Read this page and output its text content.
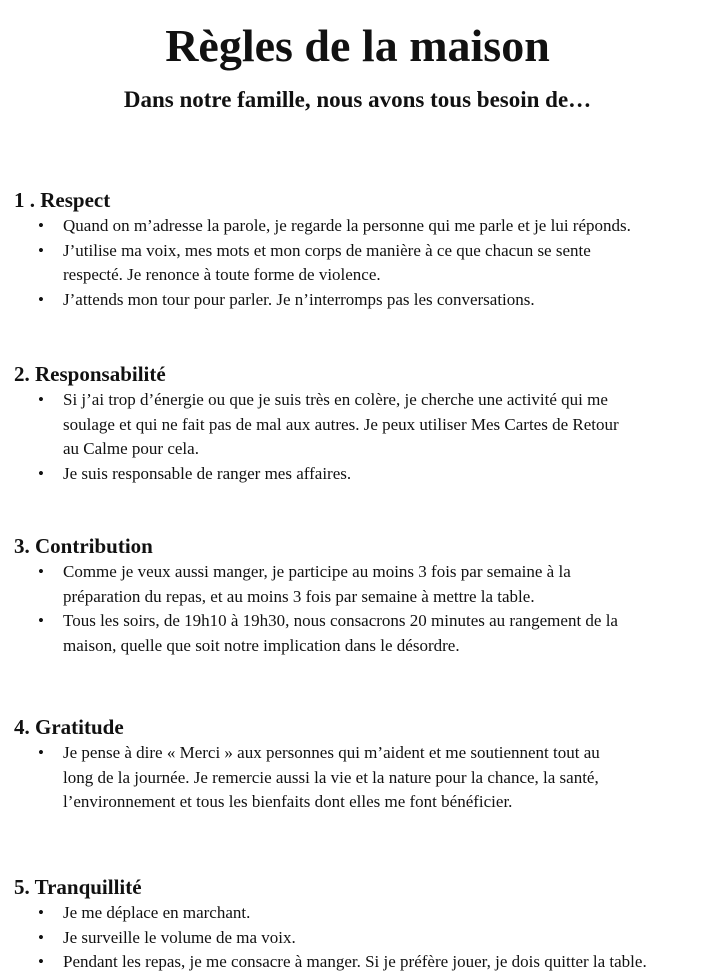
Règles de la maison
Dans notre famille, nous avons tous besoin de…
1 . Respect
• Quand on m’adresse la parole, je regarde la personne qui me parle et je lui réponds.
• J’utilise ma voix, mes mots et mon corps de manière à ce que chacun se sente
respecté. Je renonce à toute forme de violence.
• J’attends mon tour pour parler. Je n’interromps pas les conversations.
2. Responsabilité
• Si j’ai trop d’énergie ou que je suis très en colère, je cherche une activité qui me
soulage et qui ne fait pas de mal aux autres. Je peux utiliser Mes Cartes de Retour
au Calme pour cela.
• Je suis responsable de ranger mes affaires.
3. Contribution
• Comme je veux aussi manger, je participe au moins 3 fois par semaine à la
préparation du repas, et au moins 3 fois par semaine à mettre la table.
• Tous les soirs, de 19h10 à 19h30, nous consacrons 20 minutes au rangement de la
maison, quelle que soit notre implication dans le désordre.
4. Gratitude
• Je pense à dire « Merci » aux personnes qui m’aident et me soutiennent tout au
long de la journée. Je remercie aussi la vie et la nature pour la chance, la santé,
l’environnement et tous les bienfaits dont elles me font bénéficier.
5. Tranquillité
• Je me déplace en marchant.
• Je surveille le volume de ma voix.
• Pendant les repas, je me consacre à manger. Si je préfère jouer, je dois quitter la table.
